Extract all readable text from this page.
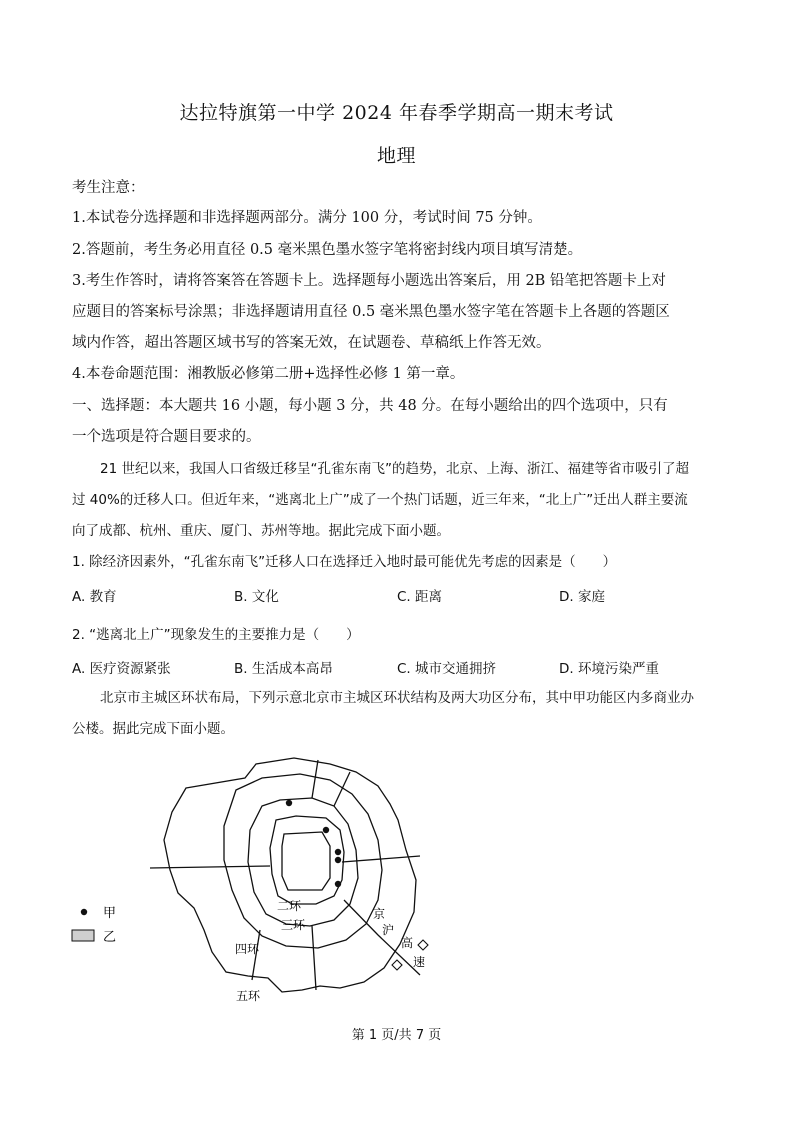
达拉特旗第一中学 2024 年春季学期高一期末考试
地理
考生注意：
1.本试卷分选择题和非选择题两部分。满分 100 分，考试时间 75 分钟。
2.答题前，考生务必用直径 0.5 毫米黑色墨水签字笔将密封线内项目填写清楚。
3.考生作答时，请将答案答在答题卡上。选择题每小题选出答案后，用 2B 铅笔把答题卡上对
应题目的答案标号涂黑；非选择题请用直径 0.5 毫米黑色墨水签字笔在答题卡上各题的答题区
域内作答，超出答题区域书写的答案无效，在试题卷、草稿纸上作答无效。
4.本卷命题范围：湘教版必修第二册+选择性必修 1 第一章。
一、选择题：本大题共 16 小题，每小题 3 分，共 48 分。在每小题给出的四个选项中，只有
一个选项是符合题目要求的。
21 世纪以来，我国人口省级迁移呈“孔雀东南飞”的趋势，北京、上海、浙江、福建等省市吸引了超
过 40%的迁移人口。但近年来，“逃离北上广”成了一个热门话题，近三年来，“北上广”迁出人群主要流
向了成都、杭州、重庆、厦门、苏州等地。据此完成下面小题。
1. 除经济因素外，“孔雀东南飞”迁移人口在选择迁入地时最可能优先考虑的因素是（　　）
A. 教育	B. 文化	C. 距离	D. 家庭
2. “逃离北上广”现象发生的主要推力是（　　）
A. 医疗资源紧张	B. 生活成本高昂	C. 城市交通拥挤	D. 环境污染严重
北京市主城区环状布局，下列示意北京市主城区环状结构及两大功区分布，其中甲功能区内多商业办
公楼。据此完成下面小题。
甲
乙
二环
三环
四环
五环
京
沪
高
速
第 1 页/共 7 页
